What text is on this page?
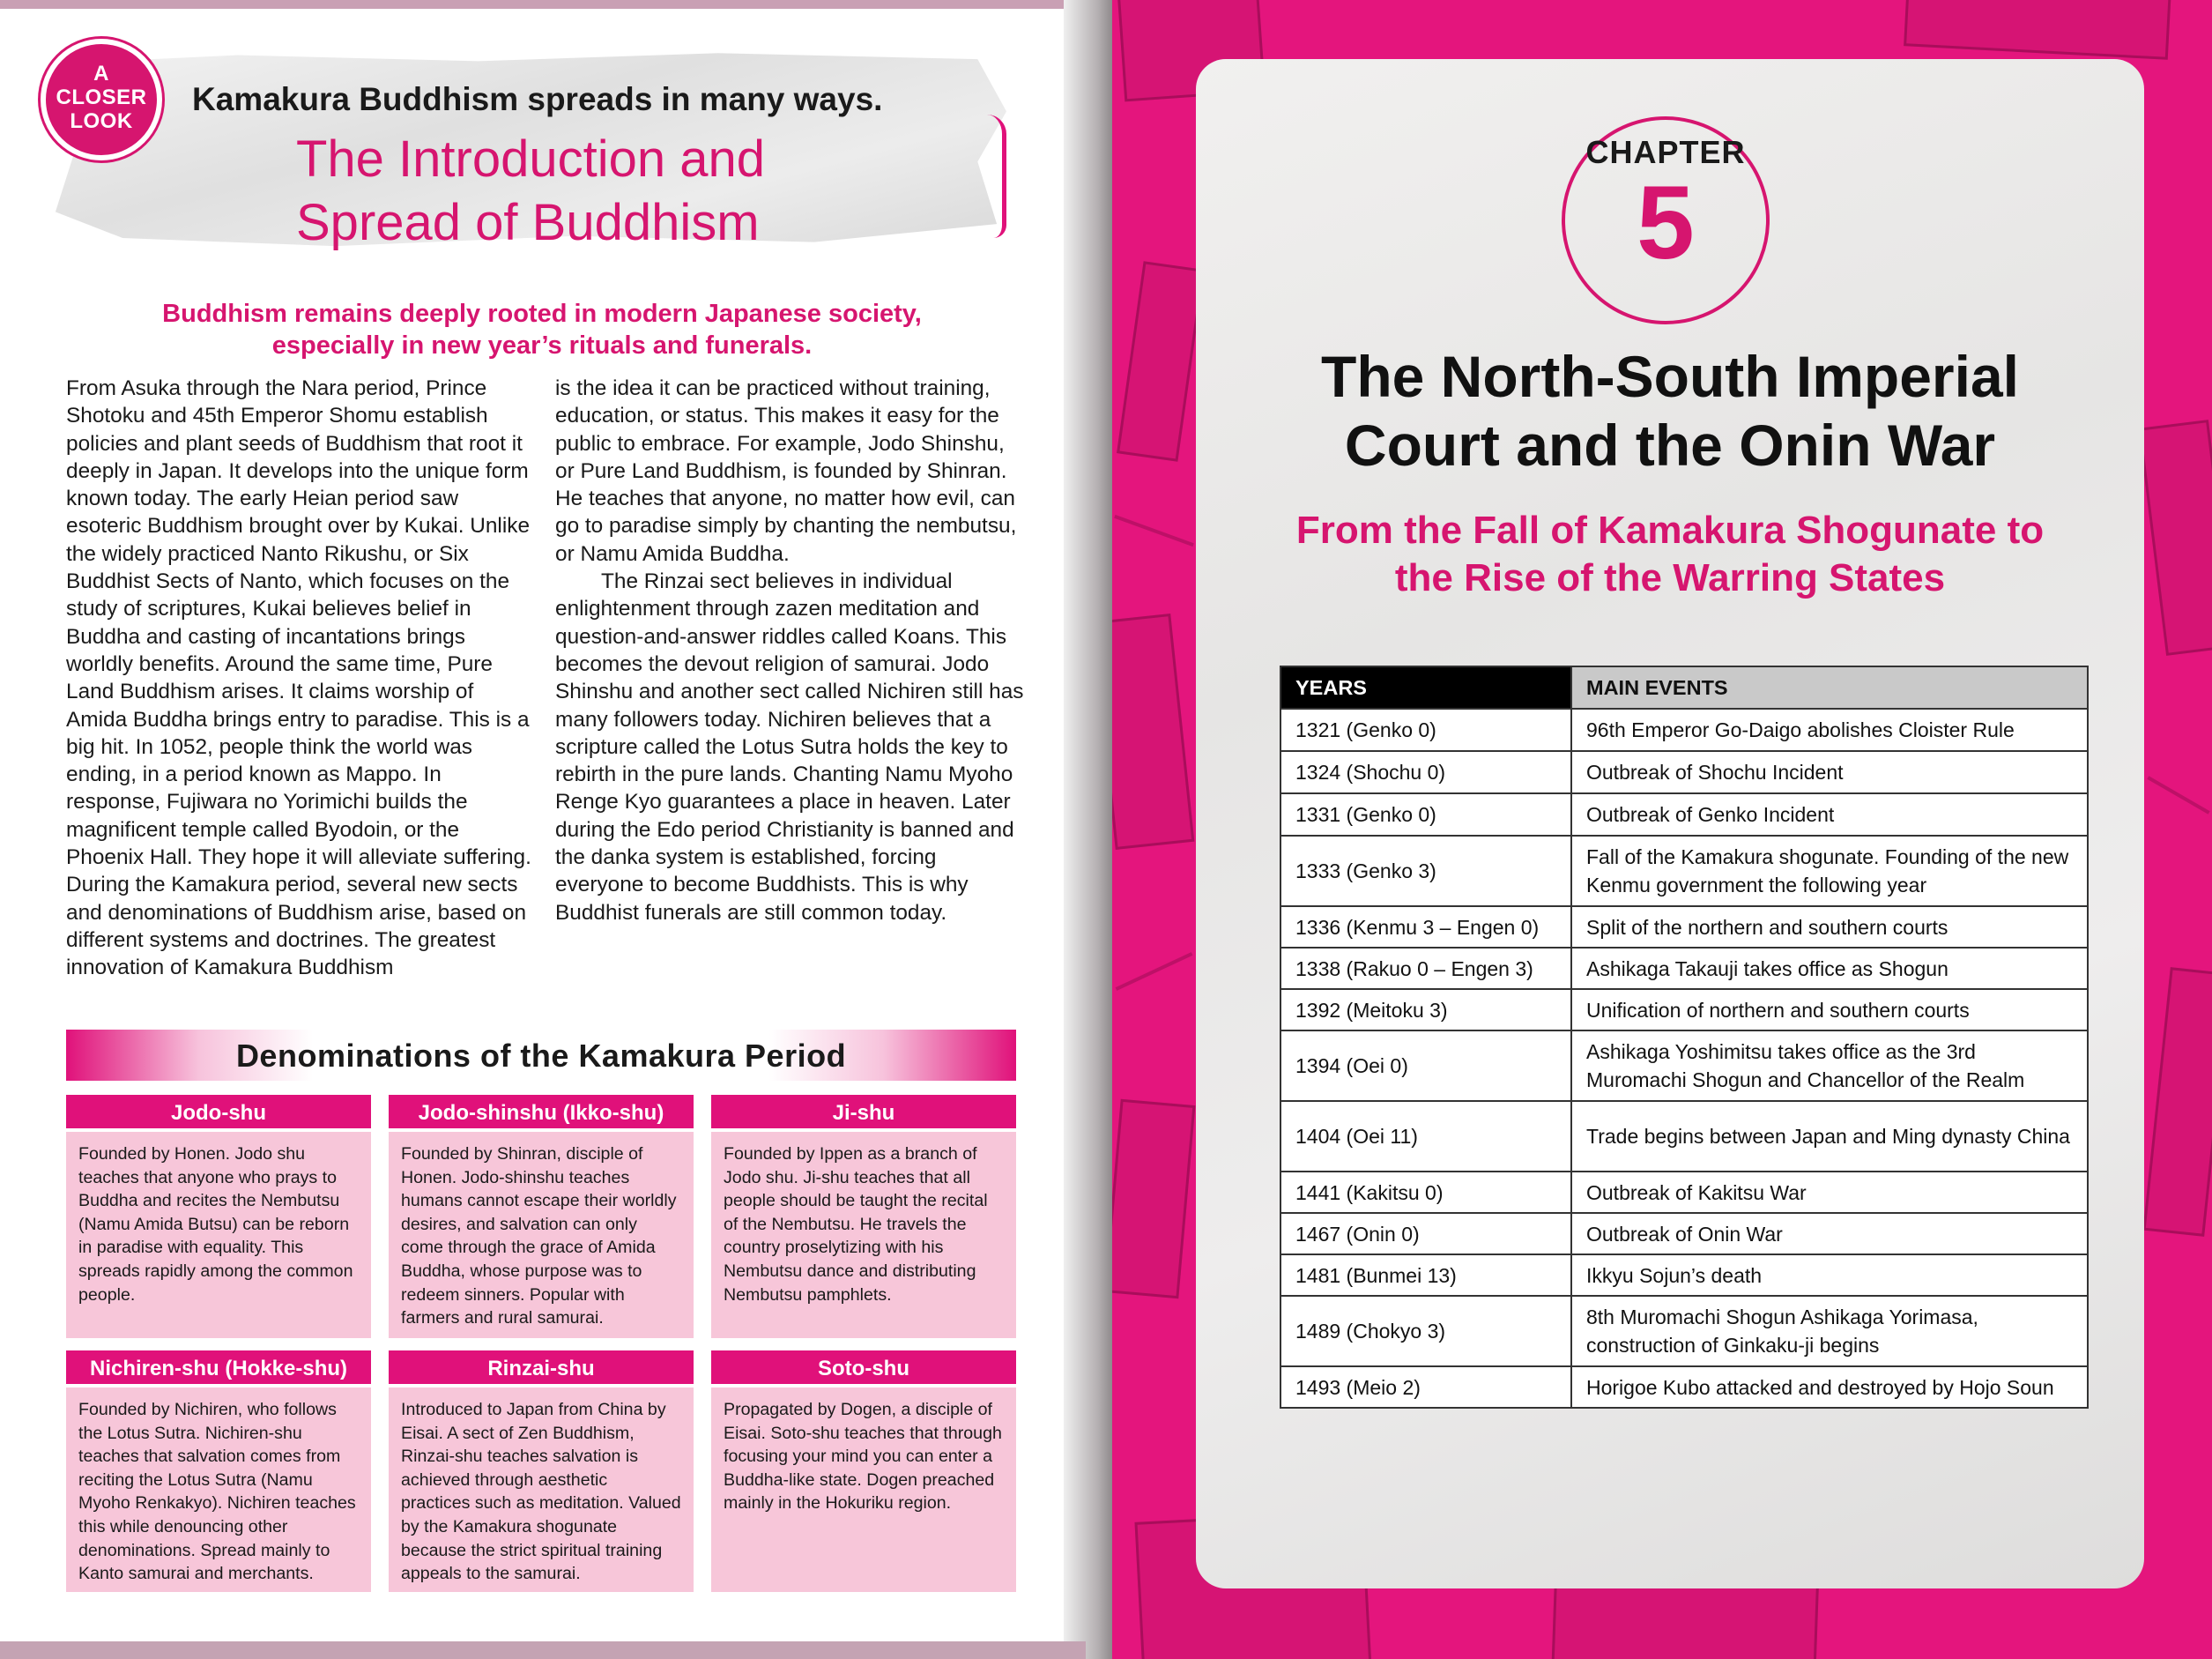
A
CLOSER
LOOK
Kamakura Buddhism spreads in many ways.
The Introduction and
Spread of Buddhism
Buddhism remains deeply rooted in modern Japanese society,
especially in new year’s rituals and funerals.

From Asuka through the Nara period, Prince Shotoku and 45th Emperor Shomu establish policies and plant seeds of Buddhism that root it deeply in Japan. It develops into the unique form known today. The early Heian period saw esoteric Buddhism brought over by Kukai. Unlike the widely practiced Nanto Rikushu, or Six Buddhist Sects of Nanto, which focuses on the study of scriptures, Kukai believes belief in Buddha and casting of incantations brings worldly benefits. Around the same time, Pure Land Buddhism arises. It claims worship of Amida Buddha brings entry to paradise. This is a big hit. In 1052, people think the world was ending, in a period known as Mappo. In response, Fujiwara no Yorimichi builds the magnificent temple called Byodoin, or the Phoenix Hall. They hope it will alleviate suffering. During the Kamakura period, several new sects and denominations of Buddhism arise, based on different systems and doctrines. The greatest innovation of Kamakura Buddhism

is the idea it can be practiced without training, education, or status. This makes it easy for the public to embrace. For example, Jodo Shinshu, or Pure Land Buddhism, is founded by Shinran. He teaches that anyone, no matter how evil, can go to paradise simply by chanting the nembutsu, or Namu Amida Buddha.

The Rinzai sect believes in individual enlightenment through zazen meditation and question-and-answer riddles called Koans. This becomes the devout religion of samurai. Jodo Shinshu and another sect called Nichiren still has many followers today. Nichiren believes that a scripture called the Lotus Sutra holds the key to rebirth in the pure lands. Chanting Namu Myoho Renge Kyo guarantees a place in heaven. Later during the Edo period Christianity is banned and the danka system is established, forcing everyone to become Buddhists. This is why Buddhist funerals are still common today.

Denominations of the Kamakura Period
Jodo-shu
Founded by Honen. Jodo shu teaches that anyone who prays to Buddha and recites the Nembutsu (Namu Amida Butsu) can be reborn in paradise with equality. This spreads rapidly among the common people.
Jodo-shinshu (Ikko-shu)
Founded by Shinran, disciple of Honen. Jodo-shinshu teaches humans cannot escape their worldly desires, and salvation can only come through the grace of Amida Buddha, whose purpose was to redeem sinners. Popular with farmers and rural samurai.
Ji-shu
Founded by Ippen as a branch of Jodo shu. Ji-shu teaches that all people should be taught the recital of the Nembutsu. He travels the country proselytizing with his Nembutsu dance and distributing Nembutsu pamphlets.
Nichiren-shu (Hokke-shu)
Founded by Nichiren, who follows the Lotus Sutra. Nichiren-shu teaches that salvation comes from reciting the Lotus Sutra (Namu Myoho Renkakyo). Nichiren teaches this while denouncing other denominations. Spread mainly to Kanto samurai and merchants.
Rinzai-shu
Introduced to Japan from China by Eisai. A sect of Zen Buddhism, Rinzai-shu teaches salvation is achieved through aesthetic practices such as meditation. Valued by the Kamakura shogunate because the strict spiritual training appeals to the samurai.
Soto-shu
Propagated by Dogen, a disciple of Eisai. Soto-shu teaches that through focusing your mind you can enter a Buddha-like state. Dogen preached mainly in the Hokuriku region.
CHAPTER
5
The North-South Imperial
Court and the Onin War
From the Fall of Kamakura Shogunate to
the Rise of the Warring States
YEARS	MAIN EVENTS
1321 (Genko 0)	96th Emperor Go-Daigo abolishes Cloister Rule
1324 (Shochu 0)	Outbreak of Shochu Incident
1331 (Genko 0)	Outbreak of Genko Incident
1333 (Genko 3)	Fall of the Kamakura shogunate. Founding of the new Kenmu government the following year
1336 (Kenmu 3 – Engen 0)	Split of the northern and southern courts
1338 (Rakuo 0 – Engen 3)	Ashikaga Takauji takes office as Shogun
1392 (Meitoku 3)	Unification of northern and southern courts
1394 (Oei 0)	Ashikaga Yoshimitsu takes office as the 3rd Muromachi Shogun and Chancellor of the Realm
1404 (Oei 11)	Trade begins between Japan and Ming dynasty China
1441 (Kakitsu 0)	Outbreak of Kakitsu War
1467 (Onin 0)	Outbreak of Onin War
1481 (Bunmei 13)	Ikkyu Sojun’s death
1489 (Chokyo 3)	8th Muromachi Shogun Ashikaga Yorimasa, construction of Ginkaku-ji begins
1493 (Meio 2)	Horigoe Kubo attacked and destroyed by Hojo Soun
